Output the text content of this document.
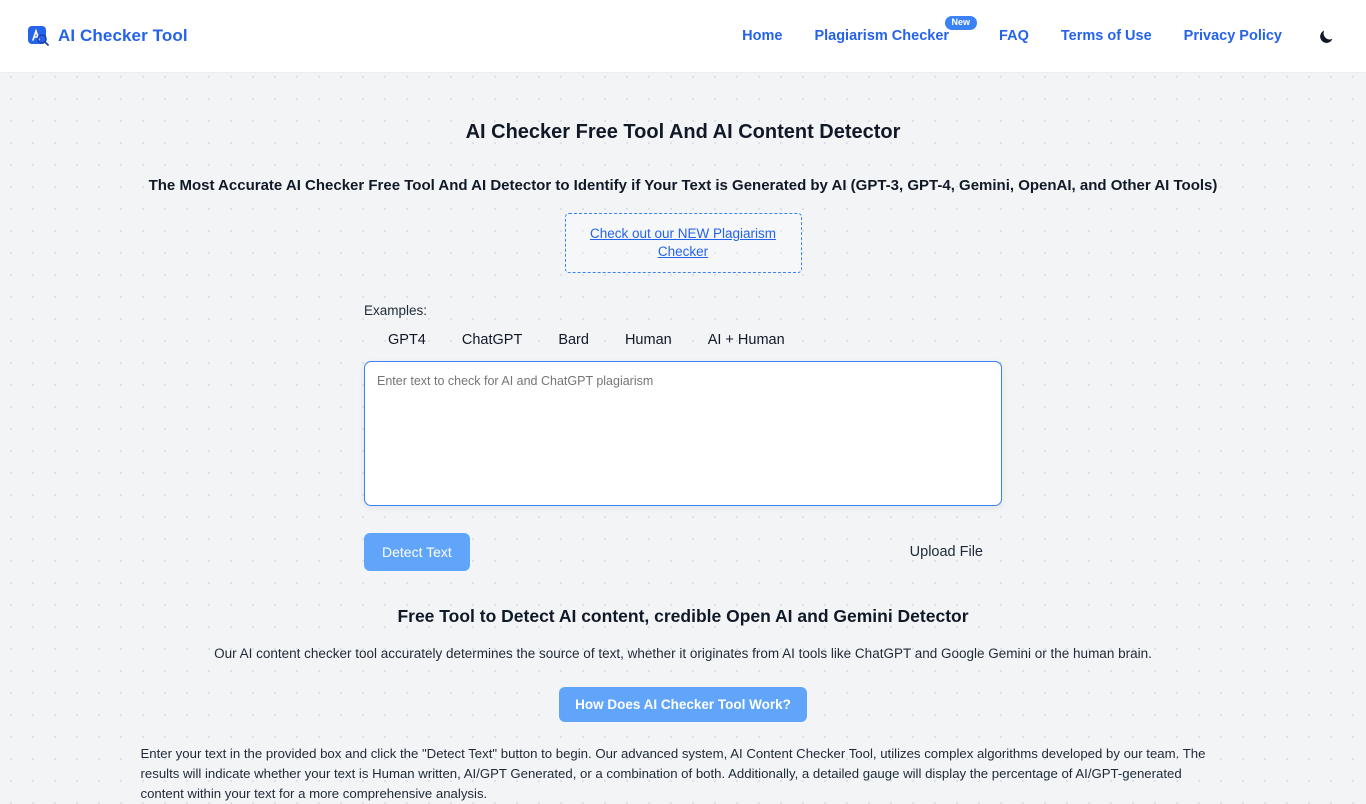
AI Checker Tool	Home	Plagiarism Checker
New
FAQ	Terms of Use	Privacy Policy
AI Checker Free Tool And AI Content Detector
The Most Accurate AI Checker Free Tool And AI Detector to Identify if Your Text is Generated by AI (GPT-3, GPT-4, Gemini, OpenAI, and Other AI Tools)
Check out our NEW Plagiarism Checker
Examples:
GPT4	ChatGPT	Bard	Human	AI + Human
Enter text to check for AI and ChatGPT plagiarism
Detect Text	Upload File
Free Tool to Detect AI content, credible Open AI and Gemini Detector
Our AI content checker tool accurately determines the source of text, whether it originates from AI tools like ChatGPT and Google Gemini or the human brain.
How Does AI Checker Tool Work?
Enter your text in the provided box and click the "Detect Text" button to begin. Our advanced system, AI Content Checker Tool, utilizes complex algorithms developed by our team. The results will indicate whether your text is Human written, AI/GPT Generated, or a combination of both. Additionally, a detailed gauge will display the percentage of AI/GPT-generated content within your text for a more comprehensive analysis.
